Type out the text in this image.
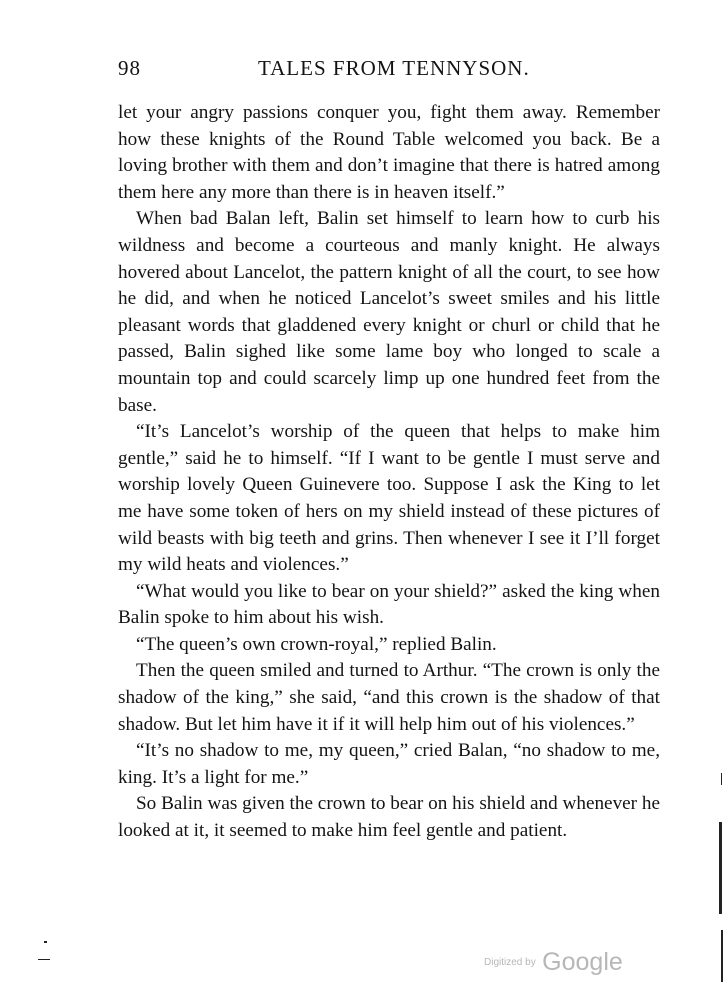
98	TALES FROM TENNYSON.

let your angry passions conquer you, fight them away. Remember how these knights of the Round Table welcomed you back. Be a loving brother with them and don’t imagine that there is hatred among them here any more than there is in heaven itself.”

When bad Balan left, Balin set himself to learn how to curb his wildness and become a courteous and manly knight. He always hovered about Lancelot, the pattern knight of all the court, to see how he did, and when he noticed Lancelot’s sweet smiles and his little pleasant words that gladdened every knight or churl or child that he passed, Balin sighed like some lame boy who longed to scale a mountain top and could scarcely limp up one hundred feet from the base.

“It’s Lancelot’s worship of the queen that helps to make him gentle,” said he to himself. “If I want to be gentle I must serve and worship lovely Queen Guinevere too. Suppose I ask the King to let me have some token of hers on my shield instead of these pictures of wild beasts with big teeth and grins. Then whenever I see it I’ll forget my wild heats and violences.”

“What would you like to bear on your shield?” asked the king when Balin spoke to him about his wish.

“The queen’s own crown-royal,” replied Balin.

Then the queen smiled and turned to Arthur. “The crown is only the shadow of the king,” she said, “and this crown is the shadow of that shadow. But let him have it if it will help him out of his violences.”

“It’s no shadow to me, my queen,” cried Balan, “no shadow to me, king. It’s a light for me.”

So Balin was given the crown to bear on his shield and whenever he looked at it, it seemed to make him feel gentle and patient.

Digitized by Google
